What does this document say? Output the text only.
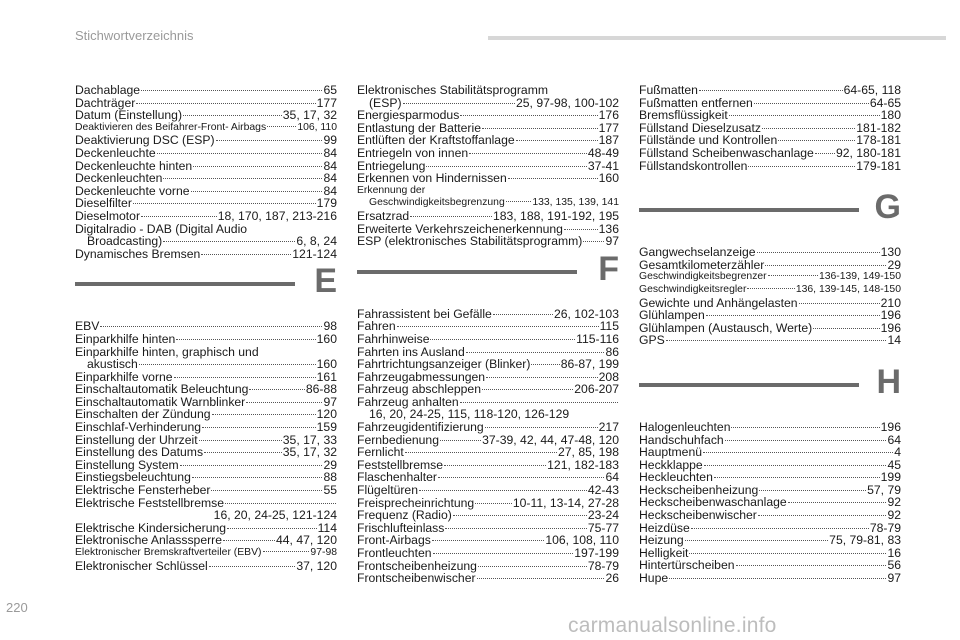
Stichwortverzeichnis
Dachablage	65
Dachträger	177
Datum (Einstellung)	35, 17, 32
Deaktivieren des Beifahrer-Front- Airbags	106, 110
Deaktivierung DSC (ESP)	99
Deckenleuchte	84
Deckenleuchte hinten	84
Deckenleuchten	84
Deckenleuchte vorne	84
Dieselfilter	179
Dieselmotor	18, 170, 187, 213-216
Digitalradio - DAB (Digital Audio
Broadcasting)	6, 8, 24
Dynamisches Bremsen	121-124
E
EBV	98
Einparkhilfe hinten	160
Einparkhilfe hinten, graphisch und
akustisch	160
Einparkhilfe vorne	161
Einschaltautomatik Beleuchtung	86-88
Einschaltautomatik Warnblinker	97
Einschalten der Zündung	120
Einschlaf-Verhinderung	159
Einstellung der Uhrzeit	35, 17, 33
Einstellung des Datums	35, 17, 32
Einstellung System	29
Einstiegsbeleuchtung	88
Elektrische Fensterheber	55
Elektrische Feststellbremse
16, 20, 24-25, 121-124
Elektrische Kindersicherung	114
Elektronische Anlasssperre	44, 47, 120
Elektronischer Bremskraftverteiler (EBV)	97-98
Elektronischer Schlüssel	37, 120
Elektronisches Stabilitätsprogramm
(ESP)	25, 97-98, 100-102
Energiesparmodus	176
Entlastung der Batterie	177
Entlüften der Kraftstoffanlage	187
Entriegeln von innen	48-49
Entriegelung	37-41
Erkennen von Hindernissen	160
Erkennung der
Geschwindigkeitsbegrenzung	133, 135, 139, 141
Ersatzrad	183, 188, 191-192, 195
Erweiterte Verkehrszeichenerkennung	136
ESP (elektronisches Stabilitätsprogramm) 97
F
Fahrassistent bei Gefälle	26, 102-103
Fahren	115
Fahrhinweise	115-116
Fahrten ins Ausland	86
Fahrtrichtungsanzeiger (Blinker) 86-87, 199
Fahrzeugabmessungen	208
Fahrzeug abschleppen	206-207
Fahrzeug anhalten
16, 20, 24-25, 115, 118-120, 126-129
Fahrzeugidentifizierung	217
Fernbedienung	37-39, 42, 44, 47-48, 120
Fernlicht	27, 85, 198
Feststellbremse	121, 182-183
Flaschenhalter	64
Flügeltüren	42-43
Freisprecheinrichtung	10-11, 13-14, 27-28
Frequenz (Radio)	23-24
Frischlufteinlass	75-77
Front-Airbags	106, 108, 110
Frontleuchten	197-199
Frontscheibenheizung	78-79
Frontscheibenwischer	26
Fußmatten	64-65, 118
Fußmatten entfernen	64-65
Bremsflüssigkeit	180
Füllstand Dieselzusatz	181-182
Füllstände und Kontrollen	178-181
Füllstand Scheibenwaschanlage 92, 180-181
Füllstandskontrollen	179-181
G
Gangwechselanzeige	130
Gesamtkilometerzähler	29
Geschwindigkeitsbegrenzer	136-139, 149-150
Geschwindigkeitsregler	136, 139-145, 148-150
Gewichte und Anhängelasten	210
Glühlampen	196
Glühlampen (Austausch, Werte)	196
GPS	14
H
Halogenleuchten	196
Handschuhfach	64
Hauptmenü	4
Heckklappe	45
Heckleuchten	199
Heckscheibenheizung	57, 79
Heckscheibenwaschanlage	92
Heckscheibenwischer	92
Heizdüse	78-79
Heizung	75, 79-81, 83
Helligkeit	16
Hintertürscheiben	56
Hupe	97
220
carmanualsonline.info
